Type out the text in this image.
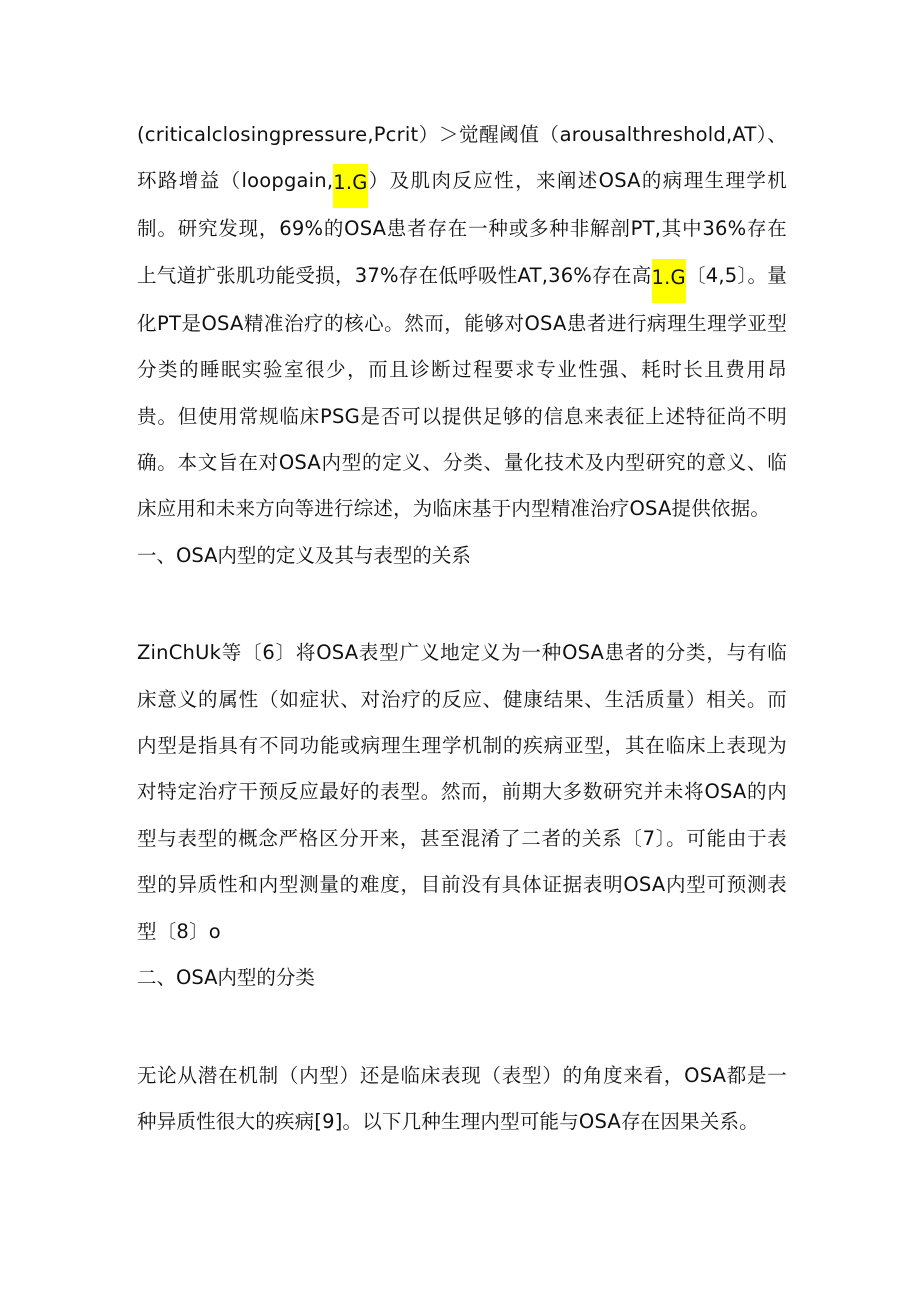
(criticalclosingpressure,Pcrit）＞觉醒阈值（arousalthreshold,AT）、环路增益（loopgain,1.G）及肌肉反应性，来阐述OSA的病理生理学机制。研究发现，69%的OSA患者存在一种或多种非解剖PT,其中36%存在上气道扩张肌功能受损，37%存在低呼吸性AT,36%存在高1.G〔4,5〕。量化PT是OSA精准治疗的核心。然而，能够对OSA患者进行病理生理学亚型分类的睡眠实验室很少，而且诊断过程要求专业性强、耗时长且费用昂贵。但使用常规临床PSG是否可以提供足够的信息来表征上述特征尚不明确。本文旨在对OSA内型的定义、分类、量化技术及内型研究的意义、临床应用和未来方向等进行综述，为临床基于内型精准治疗OSA提供依据。

一、OSA内型的定义及其与表型的关系

ZinChUk等〔6〕将OSA表型广义地定义为一种OSA患者的分类，与有临床意义的属性（如症状、对治疗的反应、健康结果、生活质量）相关。而内型是指具有不同功能或病理生理学机制的疾病亚型，其在临床上表现为对特定治疗干预反应最好的表型。然而，前期大多数研究并未将OSA的内型与表型的概念严格区分开来，甚至混淆了二者的关系〔7〕。可能由于表型的异质性和内型测量的难度，目前没有具体证据表明OSA内型可预测表型〔8〕o

二、OSA内型的分类

无论从潜在机制（内型）还是临床表现（表型）的角度来看，OSA都是一种异质性很大的疾病[9]。以下几种生理内型可能与OSA存在因果关系。
